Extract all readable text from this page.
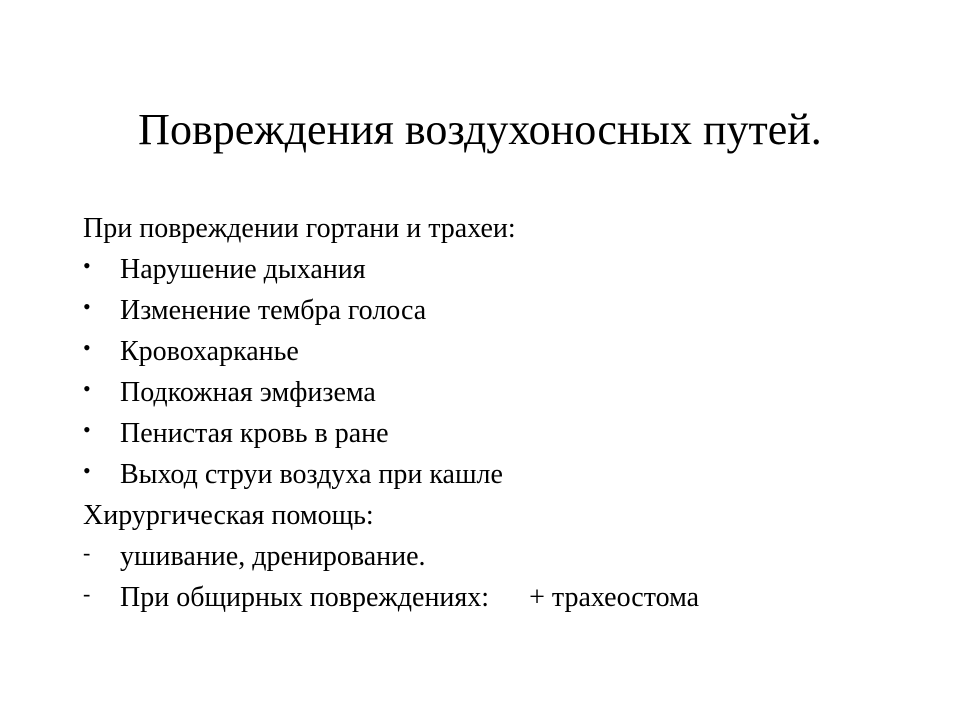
Повреждения воздухоносных путей.
При повреждении гортани и трахеи:
•	Нарушение дыхания
•	Изменение тембра голоса
•	Кровохарканье
•	Подкожная эмфизема
•	Пенистая кровь в ране
•	Выход струи воздуха при кашле
Хирургическая помощь:
-	ушивание, дренирование.
-	При общирных повреждениях: + трахеостома
